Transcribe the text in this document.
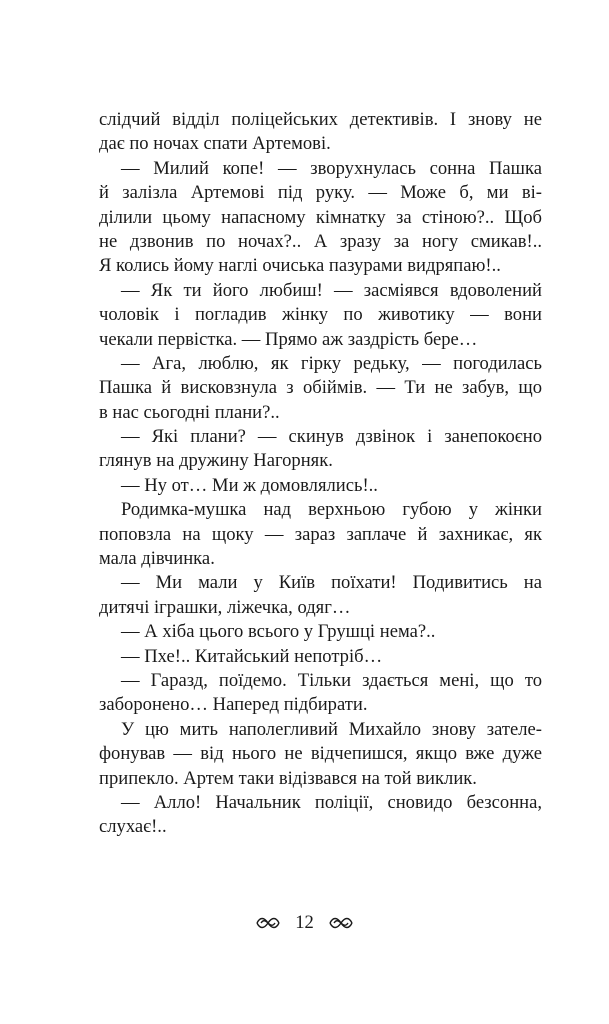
слідчий відділ поліцейських детективів. І знову не
дає по ночах спати Артемові.
— Милий копе! — зворухнулась сонна Пашка
й залізла Артемові під руку. — Може б, ми ві-
ділили цьому напасному кімнатку за стіною?.. Щоб
не дзвонив по ночах?.. А зразу за ногу смикав!..
Я колись йому наглі очиська пазурами видряпаю!..
— Як ти його любиш! — засміявся вдоволений
чоловік і погладив жінку по животику — вони
чекали первістка. — Прямо аж заздрість бере…
— Ага, люблю, як гірку редьку, — погодилась
Пашка й висковзнула з обіймів. — Ти не забув, що
в нас сьогодні плани?..
— Які плани? — скинув дзвінок і занепокоєно
глянув на дружину Нагорняк.
— Ну от… Ми ж домовлялись!..
Родимка-мушка над верхньою губою у жінки
поповзла на щоку — зараз заплаче й захникає, як
мала дівчинка.
— Ми мали у Київ поїхати! Подивитись на
дитячі іграшки, ліжечка, одяг…
— А хіба цього всього у Грушці нема?..
— Пхе!.. Китайський непотріб…
— Гаразд, поїдемо. Тільки здається мені, що то
заборонено… Наперед підбирати.
У цю мить наполегливий Михайло знову зателе-
фонував — від нього не відчепишся, якщо вже дуже
припекло. Артем таки відізвався на той виклик.
— Алло! Начальник поліції, сновидо безсонна,
слухає!..
12
